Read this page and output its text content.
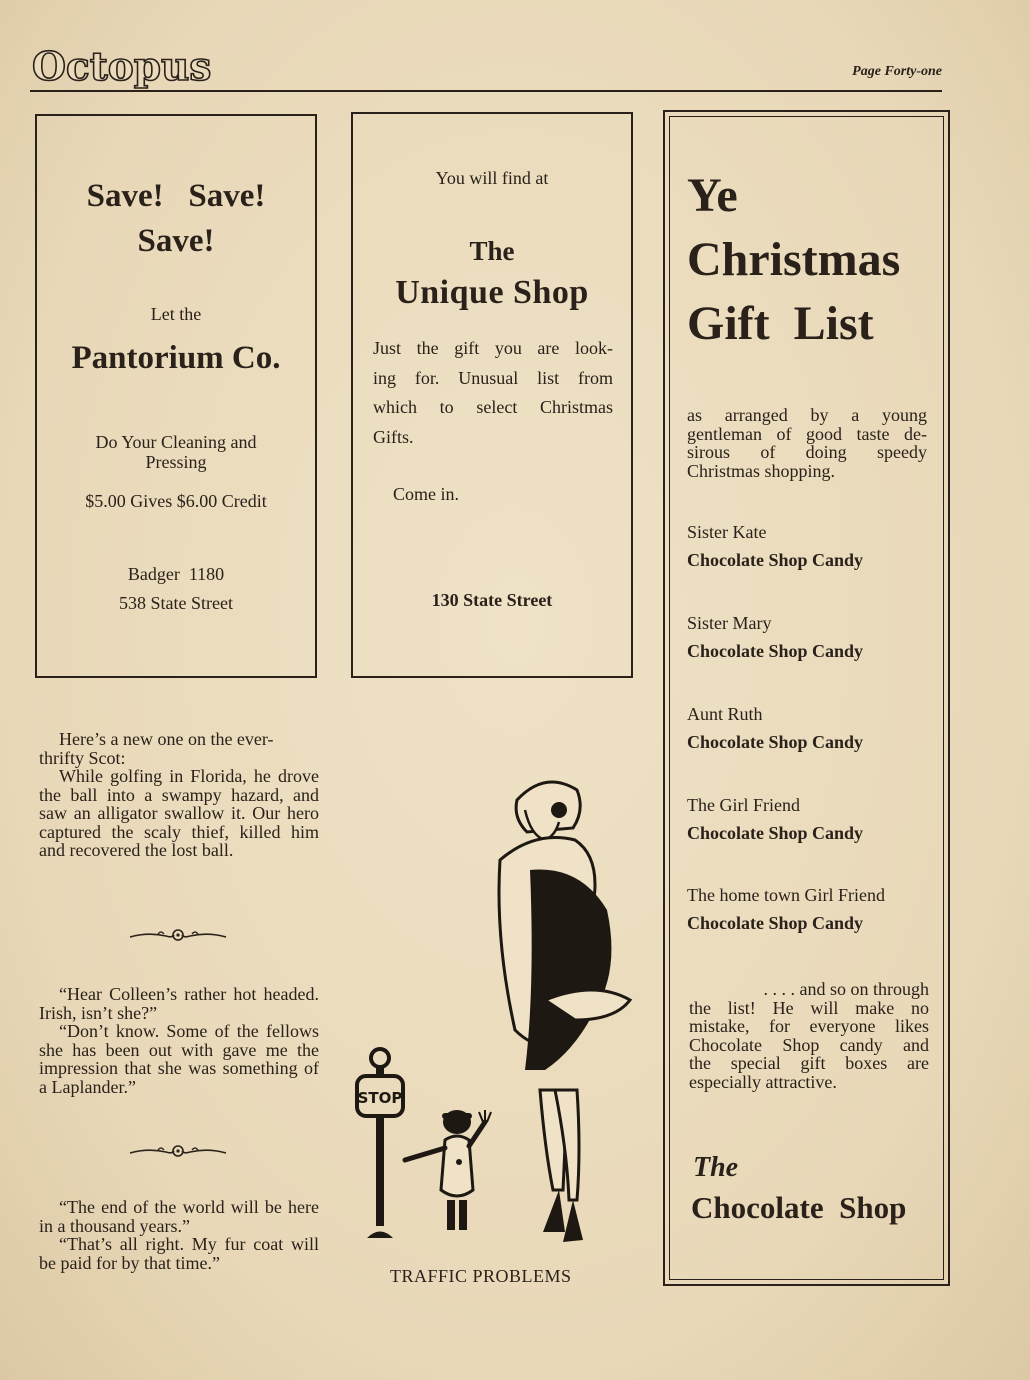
Octopus	Page Forty-one
Save!   Save!
Save!
Let the
Pantorium Co.
Do Your Cleaning and
Pressing
$5.00 Gives $6.00 Credit
Badger  1180
538 State Street
You will find at
The
Unique Shop
Just the gift you are look-
ing for. Unusual list from
which to select Christmas
Gifts.
Come in.
130 State Street
Ye
Christmas
Gift  List
as arranged by a young
gentleman of good taste de-
sirous of doing speedy
Christmas shopping.
Sister Kate
Chocolate Shop Candy
Sister Mary
Chocolate Shop Candy
Aunt Ruth
Chocolate Shop Candy
The Girl Friend
Chocolate Shop Candy
The home town Girl Friend
Chocolate Shop Candy
. . . . and so on through
the list! He will make no
mistake, for everyone likes
Chocolate Shop candy and
the special gift boxes are
especially attractive.
The
Chocolate  Shop

Here’s a new one on the ever-

thrifty Scot:

While golfing in Florida, he drove the ball into a swampy hazard, and saw an alligator swallow it. Our hero captured the scaly thief, killed him and recovered the lost ball.

“Hear Colleen’s rather hot headed. Irish, isn’t she?”

“Don’t know. Some of the fellows she has been out with gave me the impression that she was something of a Laplander.”

“The end of the world will be here in a thousand years.”

“That’s all right. My fur coat will be paid for by that time.”

STOP
TRAFFIC PROBLEMS
